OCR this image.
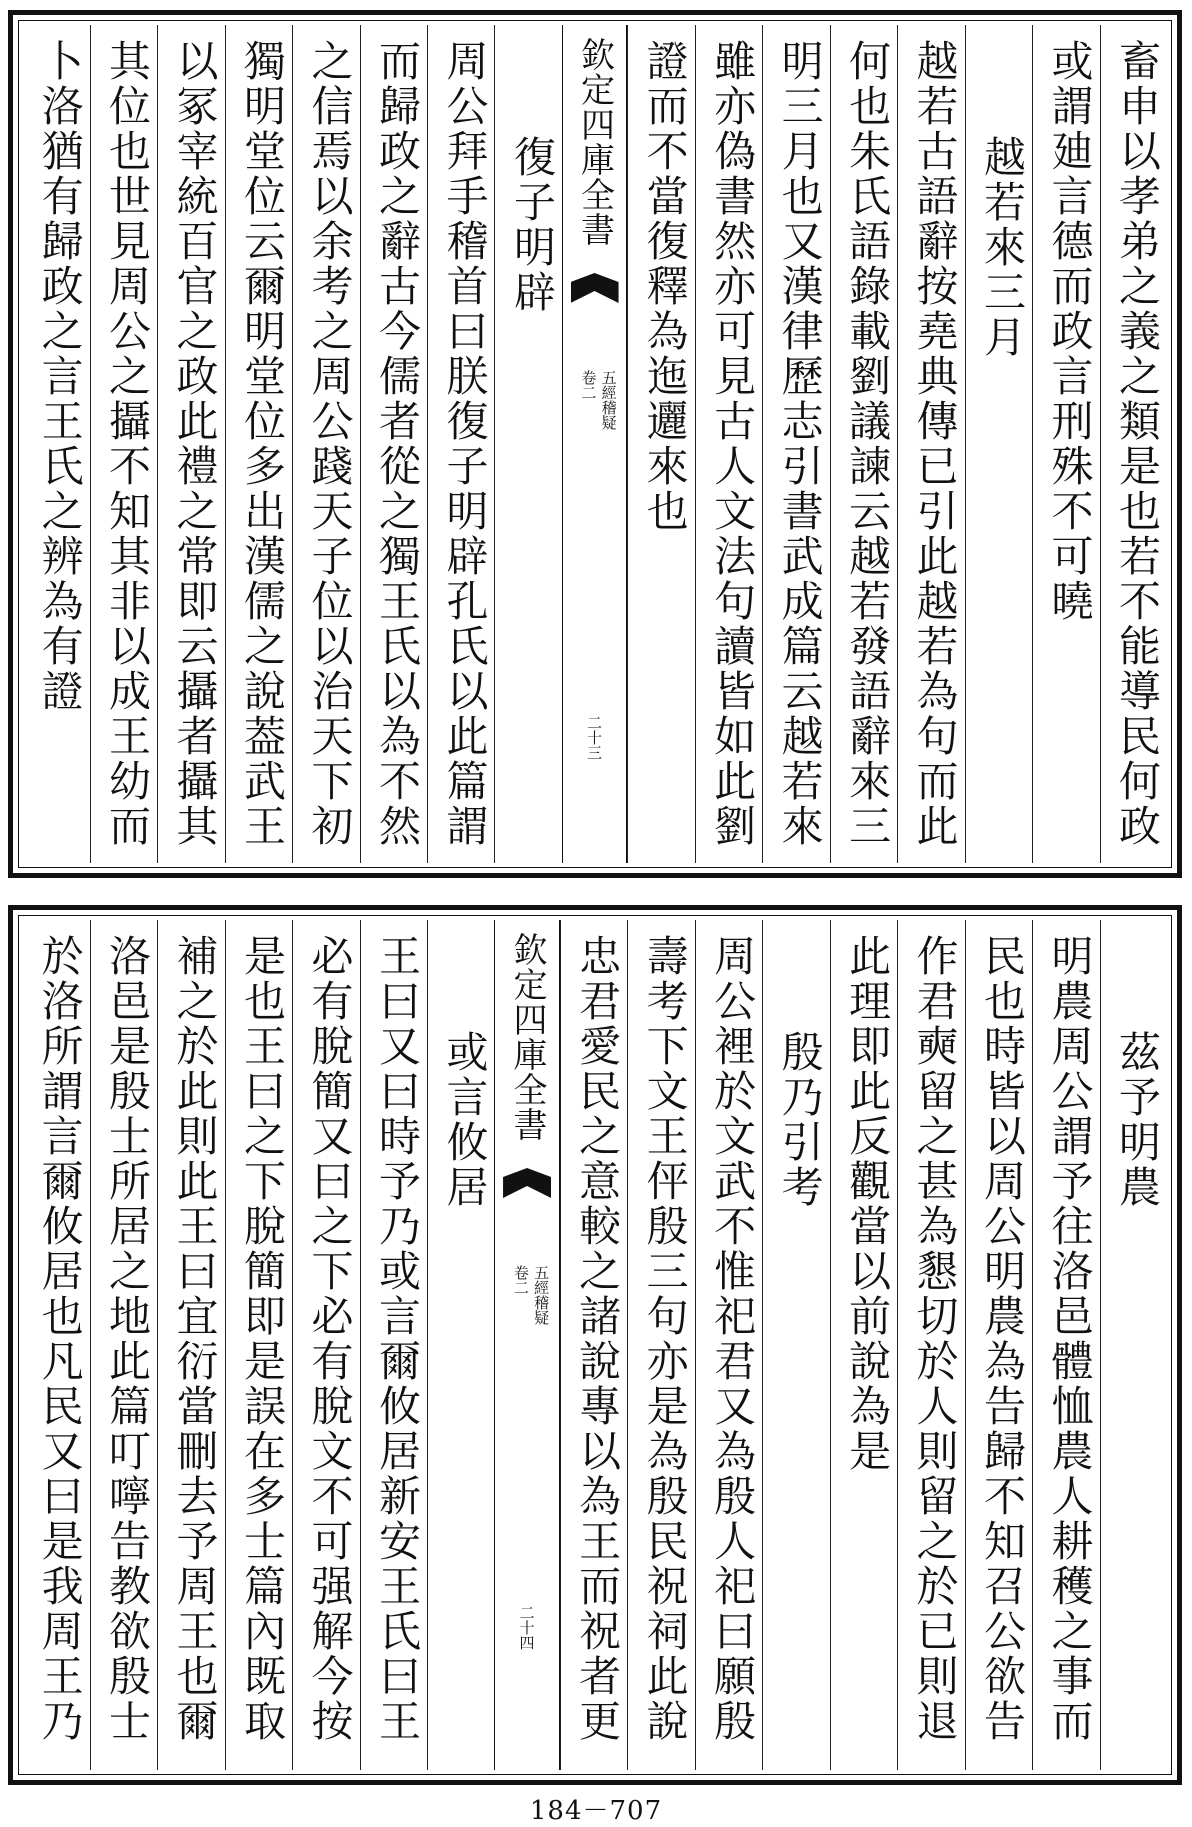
畜申以孝弟之義之類是也若不能導民何政
或謂廸言德而政言刑殊不可曉
越若來三月
越若古語辭按堯典傳已引此越若為句而此
何也朱氏語錄載劉議諫云越若發語辭來三
明三月也又漢律歷志引書武成篇云越若來
雖亦偽書然亦可見古人文法句讀皆如此劉
證而不當復釋為迤邐來也
欽定四庫全書
五經稽疑
卷二
二十三
復子明辟
周公拜手稽首曰朕復子明辟孔氏以此篇謂
而歸政之辭古今儒者從之獨王氏以為不然
之信焉以余考之周公踐天子位以治天下初
獨明堂位云爾明堂位多出漢儒之說葢武王
以冢宰統百官之政此禮之常即云攝者攝其
其位也世見周公之攝不知其非以成王幼而
卜洛猶有歸政之言王氏之辨為有證
茲予明農
明農周公謂予往洛邑體恤農人耕穫之事而
民也時皆以周公明農為告歸不知召公欲告
作君奭留之甚為懇切於人則留之於已則退
此理即此反觀當以前說為是
殷乃引考
周公裡於文武不惟祀君又為殷人祀曰願殷
壽考下文王伻殷三句亦是為殷民祝祠此說
忠君愛民之意較之諸說專以為王而祝者更
欽定四庫全書
五經稽疑
卷二
二十四
或言攸居
王曰又曰時予乃或言爾攸居新安王氏曰王
必有脫簡又曰之下必有脫文不可强解今按
是也王曰之下脫簡即是誤在多士篇內既取
補之於此則此王曰宜衍當刪去予周王也爾
洛邑是殷士所居之地此篇叮嚀告教欲殷士
於洛所謂言爾攸居也凡民又曰是我周王乃
184－707
